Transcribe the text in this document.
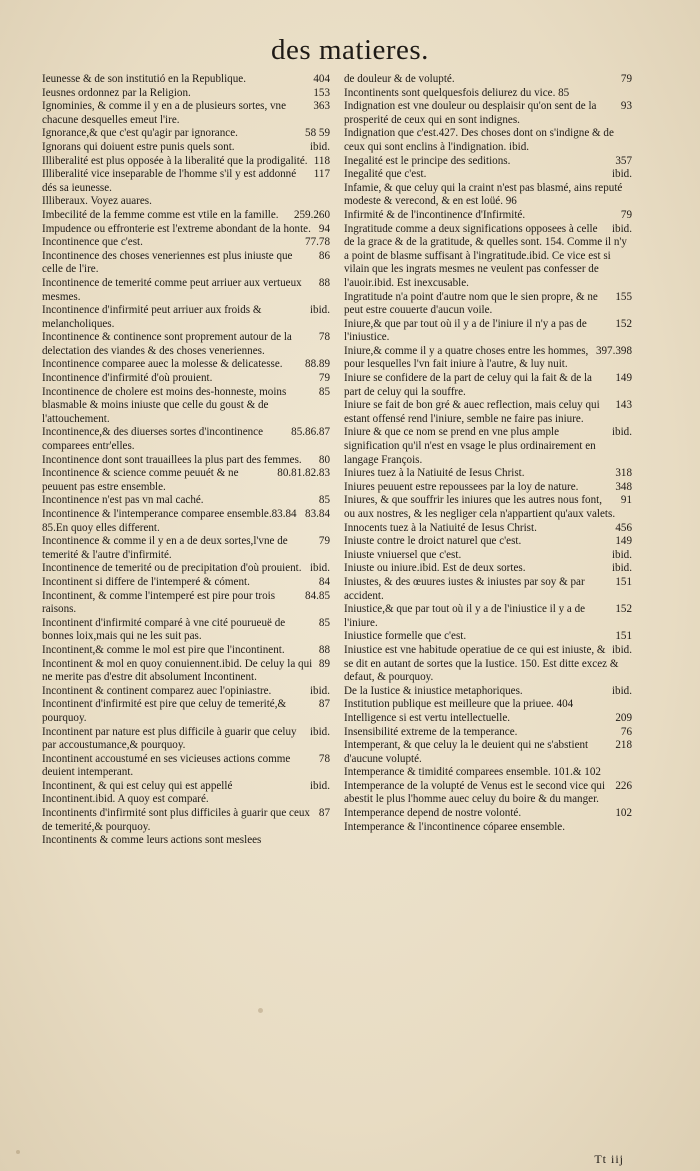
des matieres.
404
Ieunesse & de son institutió en la Republique.
153
Ieusnes ordonnez par la Religion.
363
Ignominies, & comme il y en a de plusieurs sortes, vne chacune desquelles emeut l'ire.
58 59
Ignorance,& que c'est qu'agir par ignorance.
ibid.
Ignorans qui doiuent estre punis quels sont.
118
Illiberalité est plus opposée à la liberalité que la prodigalité.
117
Illiberalité vice inseparable de l'homme s'il y est addonné dés sa ieunesse.
Illiberaux. Voyez auares.
259.260
Imbecilité de la femme comme est vtile en la famille.
94
Impudence ou effronterie est l'extreme abondant de la honte.
77.78
Incontinence que c'est.
86
Incontinence des choses veneriennes est plus iniuste que celle de l'ire.
88
Incontinence de temerité comme peut arriuer aux vertueux mesmes.
ibid.
Incontinence d'infirmité peut arriuer aux froids & melancholiques.
78
Incontinence & continence sont proprement autour de la delectation des viandes & des choses veneriennes.
88.89
Incontinence comparee auec la molesse & delicatesse.
79
Incontinence d'infirmité d'où prouient.
85
Incontinence de cholere est moins des-honneste, moins blasmable & moins iniuste que celle du goust & de l'attouchement.
85.86.87
Incontinence,& des diuerses sortes d'incontinence comparees entr'elles.
80
Incontinence dont sont trauaillees la plus part des femmes.
80.81.82.83
Incontinence & science comme peuuét & ne peuuent pas estre ensemble.
85
Incontinence n'est pas vn mal caché.
83.84
Incontinence & l'intemperance comparee ensemble.83.84 85.En quoy elles different.
79
Incontinence & comme il y en a de deux sortes,l'vne de temerité & l'autre d'infirmité.
ibid.
Incontinence de temerité ou de precipitation d'où prouient.
84
Incontinent si differe de l'intemperé & cóment.
84.85
Incontinent, & comme l'intemperé est pire pour trois raisons.
85
Incontinent d'infirmité comparé à vne cité pourueuë de bonnes loix,mais qui ne les suit pas.
88
Incontinent,& comme le mol est pire que l'incontinent.
89
Incontinent & mol en quoy conuiennent.ibid. De celuy la qui ne merite pas d'estre dit absolument Incontinent.
ibid.
Incontinent & continent comparez auec l'opiniastre.
87
Incontinent d'infirmité est pire que celuy de temerité,& pourquoy.
ibid.
Incontinent par nature est plus difficile à guarir que celuy par accoustumance,& pourquoy.
78
Incontinent accoustumé en ses vicieuses actions comme deuient intemperant.
ibid.
Incontinent, & qui est celuy qui est appellé Incontinent.ibid. A quoy est comparé.
87
Incontinents d'infirmité sont plus difficiles à guarir que ceux de temerité,& pourquoy.
Incontinents & comme leurs actions sont meslees
79
de douleur & de volupté.
Incontinents sont quelquesfois deliurez du vice. 85
93
Indignation est vne douleur ou desplaisir qu'on sent de la prosperité de ceux qui en sont indignes.
Indignation que c'est.427. Des choses dont on s'indigne & de ceux qui sont enclins à l'indignation. ibid.
357
Inegalité est le principe des seditions.
ibid.
Inegalité que c'est.
Infamie, & que celuy qui la craint n'est pas blasmé, ains reputé modeste & verecond, & en est loüé. 96
79
Infirmité & de l'incontinence d'Infirmité.
ibid.
Ingratitude comme a deux significations opposees à celle de la grace & de la gratitude, & quelles sont. 154. Comme il n'y a point de blasme suffisant à l'ingratitude.ibid. Ce vice est si vilain que les ingrats mesmes ne veulent pas confesser de l'auoir.ibid. Est inexcusable.
155
Ingratitude n'a point d'autre nom que le sien propre, & ne peut estre couuerte d'aucun voile.
152
Iniure,& que par tout où il y a de l'iniure il n'y a pas de l'iniustice.
397.398
Iniure,& comme il y a quatre choses entre les hommes, pour lesquelles l'vn fait iniure à l'autre, & luy nuit.
149
Iniure se confidere de la part de celuy qui la fait & de la part de celuy qui la souffre.
143
Iniure se fait de bon gré & auec reflection, mais celuy qui estant offensé rend l'iniure, semble ne faire pas iniure.
ibid.
Iniure & que ce nom se prend en vne plus ample signification qu'il n'est en vsage le plus ordinairement en langage François.
318
Iniures tuez à la Natiuité de Iesus Christ.
348
Iniures peuuent estre repoussees par la loy de nature.
91
Iniures, & que souffrir les iniures que les autres nous font, ou aux nostres, & les negliger cela n'appartient qu'aux valets.
456
Innocents tuez à la Natiuité de Iesus Christ.
149
Iniuste contre le droict naturel que c'est.
ibid.
Iniuste vniuersel que c'est.
ibid.
Iniuste ou iniure.ibid. Est de deux sortes.
151
Iniustes, & des œuures iustes & iniustes par soy & par accident.
152
Iniustice,& que par tout où il y a de l'iniustice il y a de l'iniure.
151
Iniustice formelle que c'est.
ibid.
Iniustice est vne habitude operatiue de ce qui est iniuste, & se dit en autant de sortes que la Iustice. 150. Est ditte excez & defaut, & pourquoy.
ibid.
De la Iustice & iniustice metaphoriques.
Institution publique est meilleure que la priuee. 404
209
Intelligence si est vertu intellectuelle.
76
Insensibilité extreme de la temperance.
218
Intemperant, & que celuy la le deuient qui ne s'abstient d'aucune volupté.
Intemperance & timidité comparees ensemble. 101.& 102
226
Intemperance de la volupté de Venus est le second vice qui abestit le plus l'homme auec celuy du boire & du manger.
102
Intemperance depend de nostre volonté.
Intemperance & l'incontinence cóparee ensemble.
Tt iij
